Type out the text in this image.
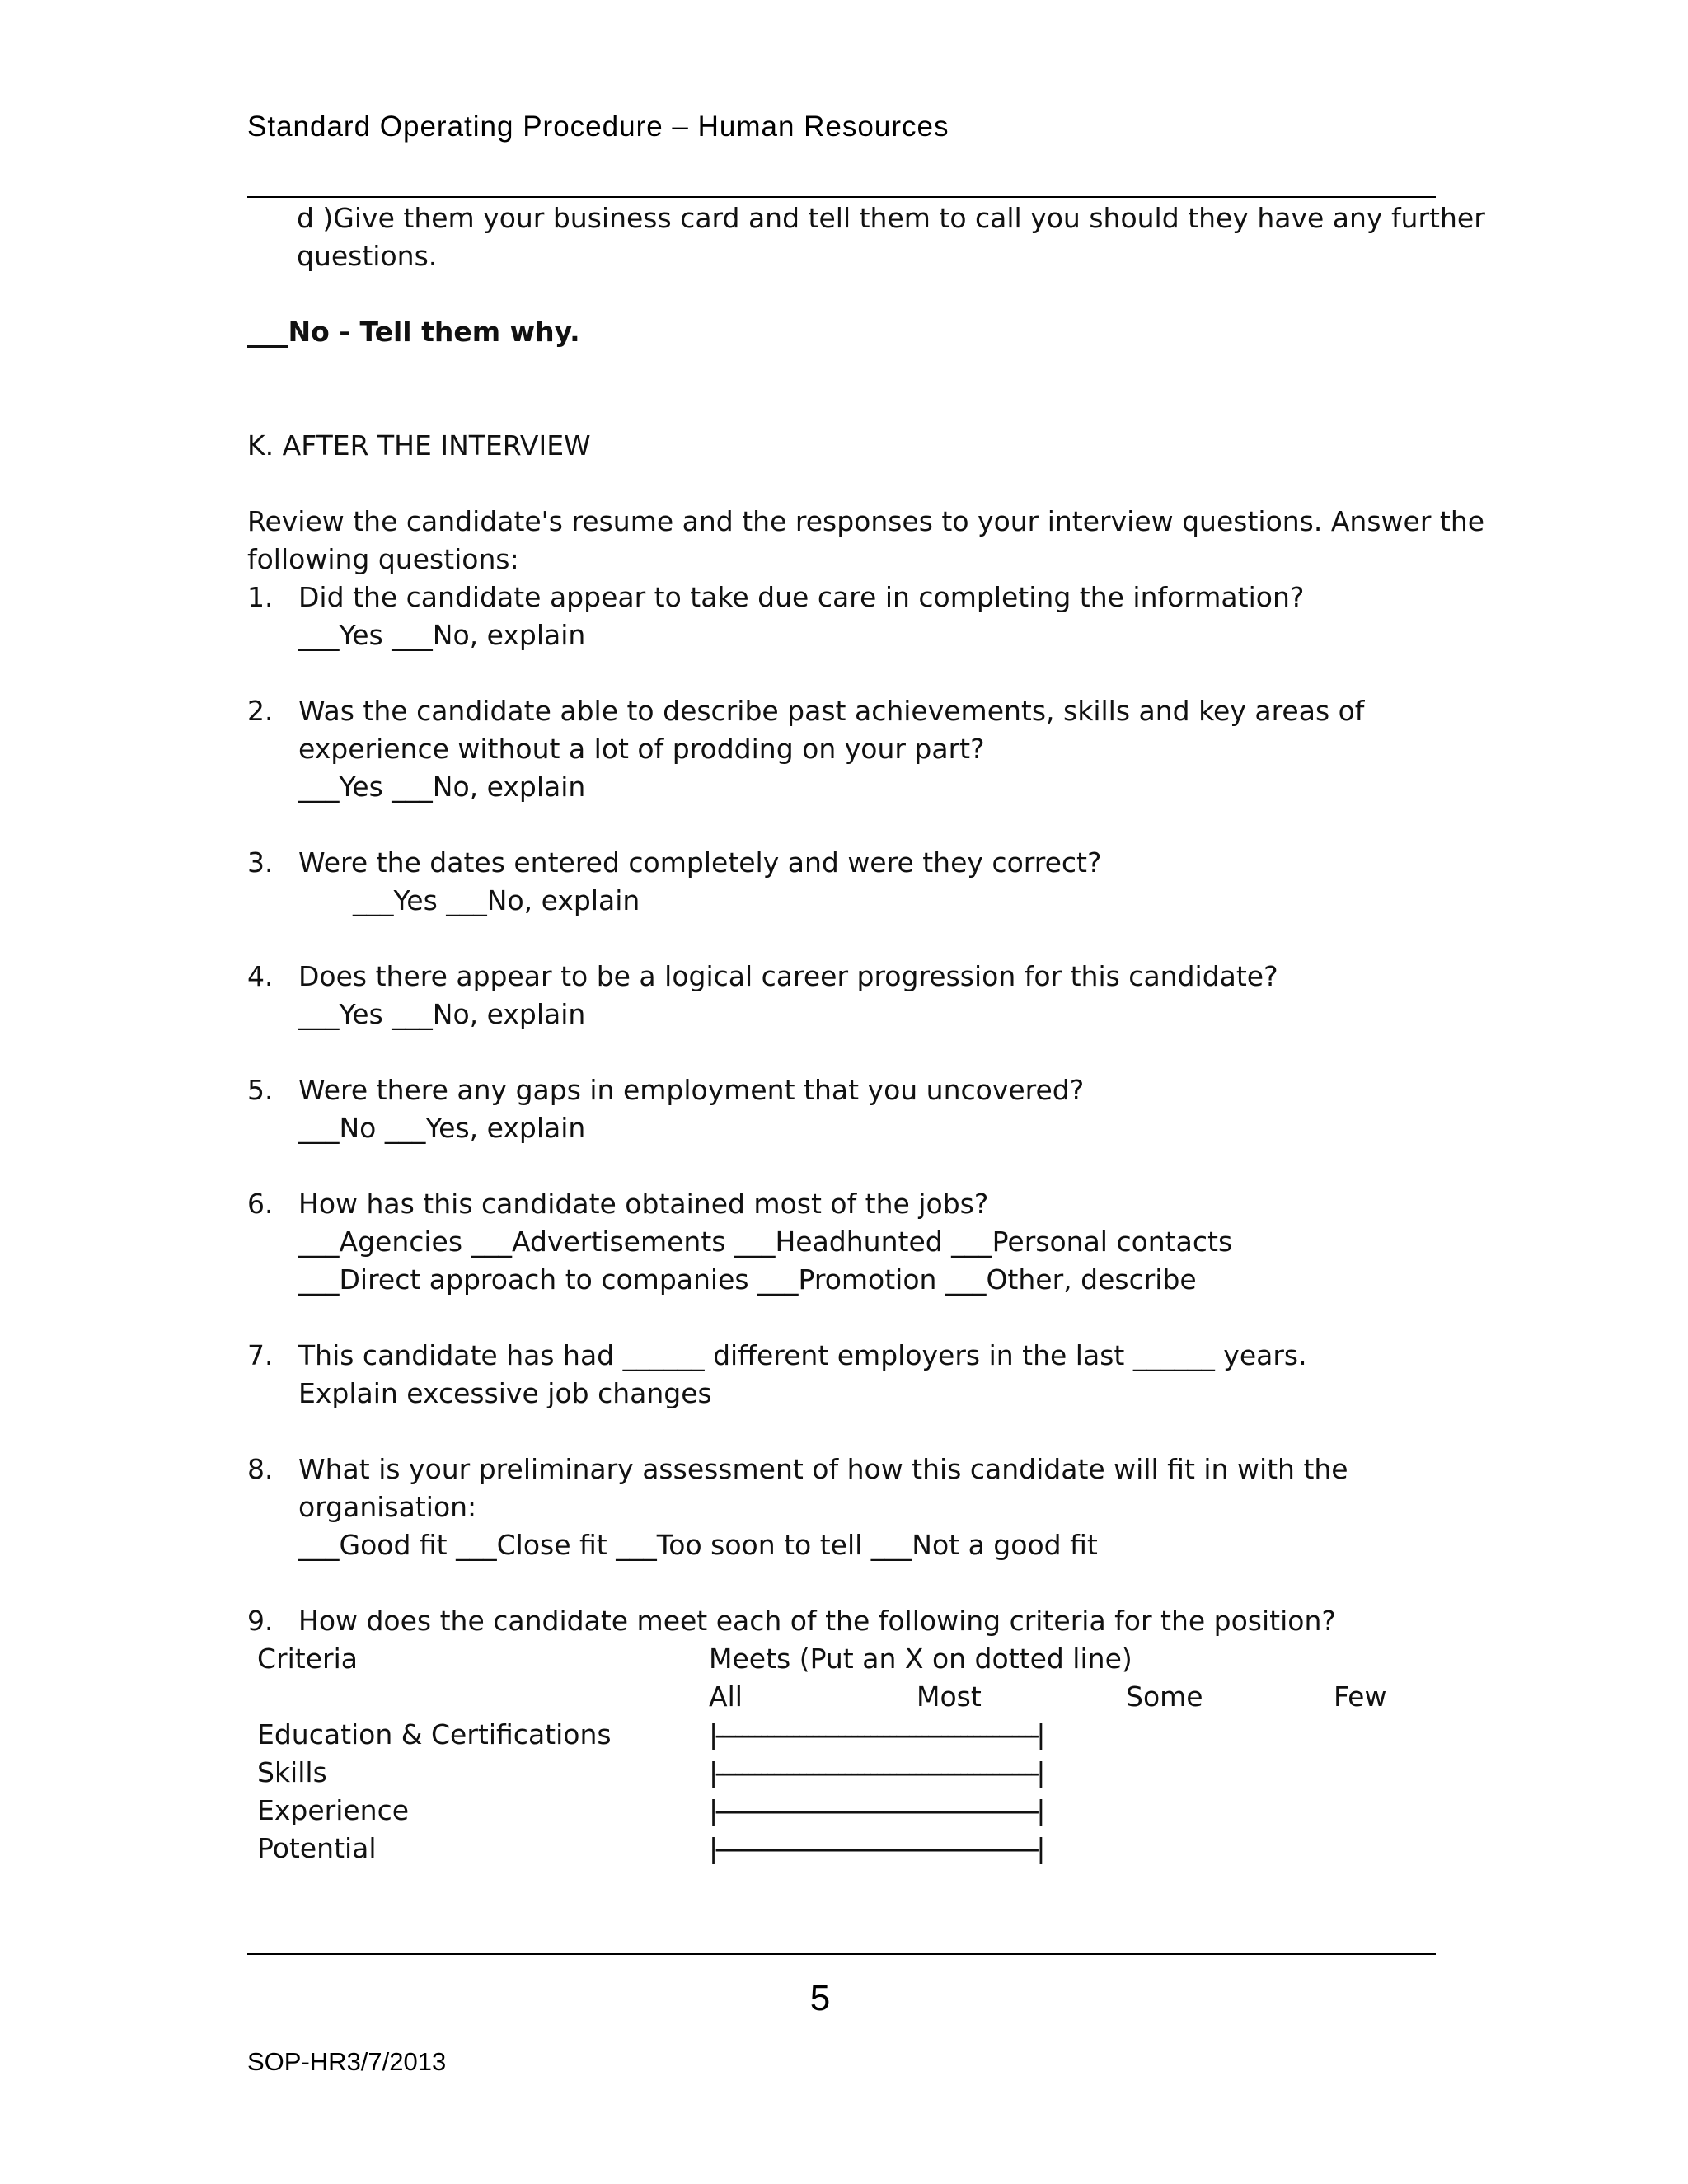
Standard Operating Procedure – Human Resources
d )Give them your business card and tell them to call you should they have any further
questions.
___No - Tell them why.
K. AFTER THE INTERVIEW
Review the candidate's resume and the responses to your interview questions. Answer the
following questions:
1. Did the candidate appear to take due care in completing the information?
___Yes ___No, explain
2. Was the candidate able to describe past achievements, skills and key areas of
experience without a lot of prodding on your part?
___Yes ___No, explain
3. Were the dates entered completely and were they correct?
___Yes ___No, explain
4. Does there appear to be a logical career progression for this candidate?
___Yes ___No, explain
5. Were there any gaps in employment that you uncovered?
___No ___Yes, explain
6. How has this candidate obtained most of the jobs?
___Agencies ___Advertisements ___Headhunted ___Personal contacts
___Direct approach to companies ___Promotion ___Other, describe
7. This candidate has had ______ different employers in the last ______ years.
Explain excessive job changes
8. What is your preliminary assessment of how this candidate will fit in with the
organisation:
___Good fit ___Close fit ___Too soon to tell ___Not a good fit
9. How does the candidate meet each of the following criteria for the position?
Criteria	Meets (Put an X on dotted line)
All	Most	Some	Few
Education & Certifications	|--------------------------------------------------|
Skills	|--------------------------------------------------|
Experience	|--------------------------------------------------|
Potential	|--------------------------------------------------|
5
SOP-HR3/7/2013
